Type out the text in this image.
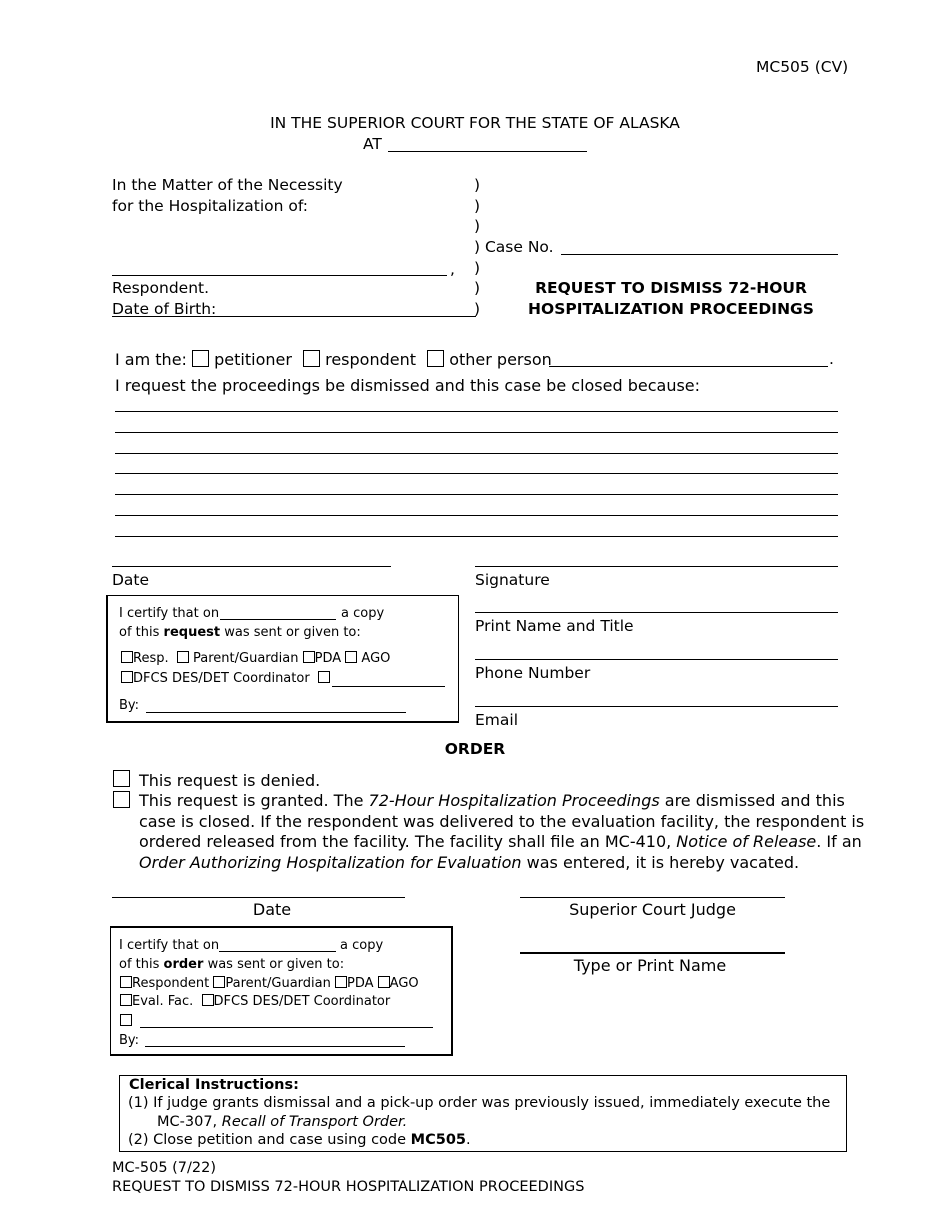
MC505 (CV)
IN THE SUPERIOR COURT FOR THE STATE OF ALASKA
AT
In the Matter of the Necessity
for the Hospitalization of:
,
Respondent.
Date of Birth:
)
)
)
) Case No.
)
)
)
REQUEST TO DISMISS 72-HOUR
HOSPITALIZATION PROCEEDINGS
I am the: petitioner respondent other person	.
I request the proceedings be dismissed and this case be closed because:
Date	Signature
Print Name and Title
Phone Number
Email
I certify that on	a copy
of this request was sent or given to:
Resp. Parent/Guardian PDA AGO
DFCS DES/DET Coordinator
By:
ORDER
This request is denied.
This request is granted. The 72-Hour Hospitalization Proceedings are dismissed and this
case is closed. If the respondent was delivered to the evaluation facility, the respondent is
ordered released from the facility. The facility shall file an MC-410, Notice of Release. If an
Order Authorizing Hospitalization for Evaluation was entered, it is hereby vacated.
Date	Superior Court Judge
Type or Print Name
I certify that on	a copy
of this order was sent or given to:
Respondent Parent/Guardian PDA AGO
Eval. Fac. DFCS DES/DET Coordinator
By:
Clerical Instructions:
(1) If judge grants dismissal and a pick-up order was previously issued, immediately execute the
MC-307, Recall of Transport Order.
(2) Close petition and case using code MC505.
MC-505 (7/22)
REQUEST TO DISMISS 72-HOUR HOSPITALIZATION PROCEEDINGS
